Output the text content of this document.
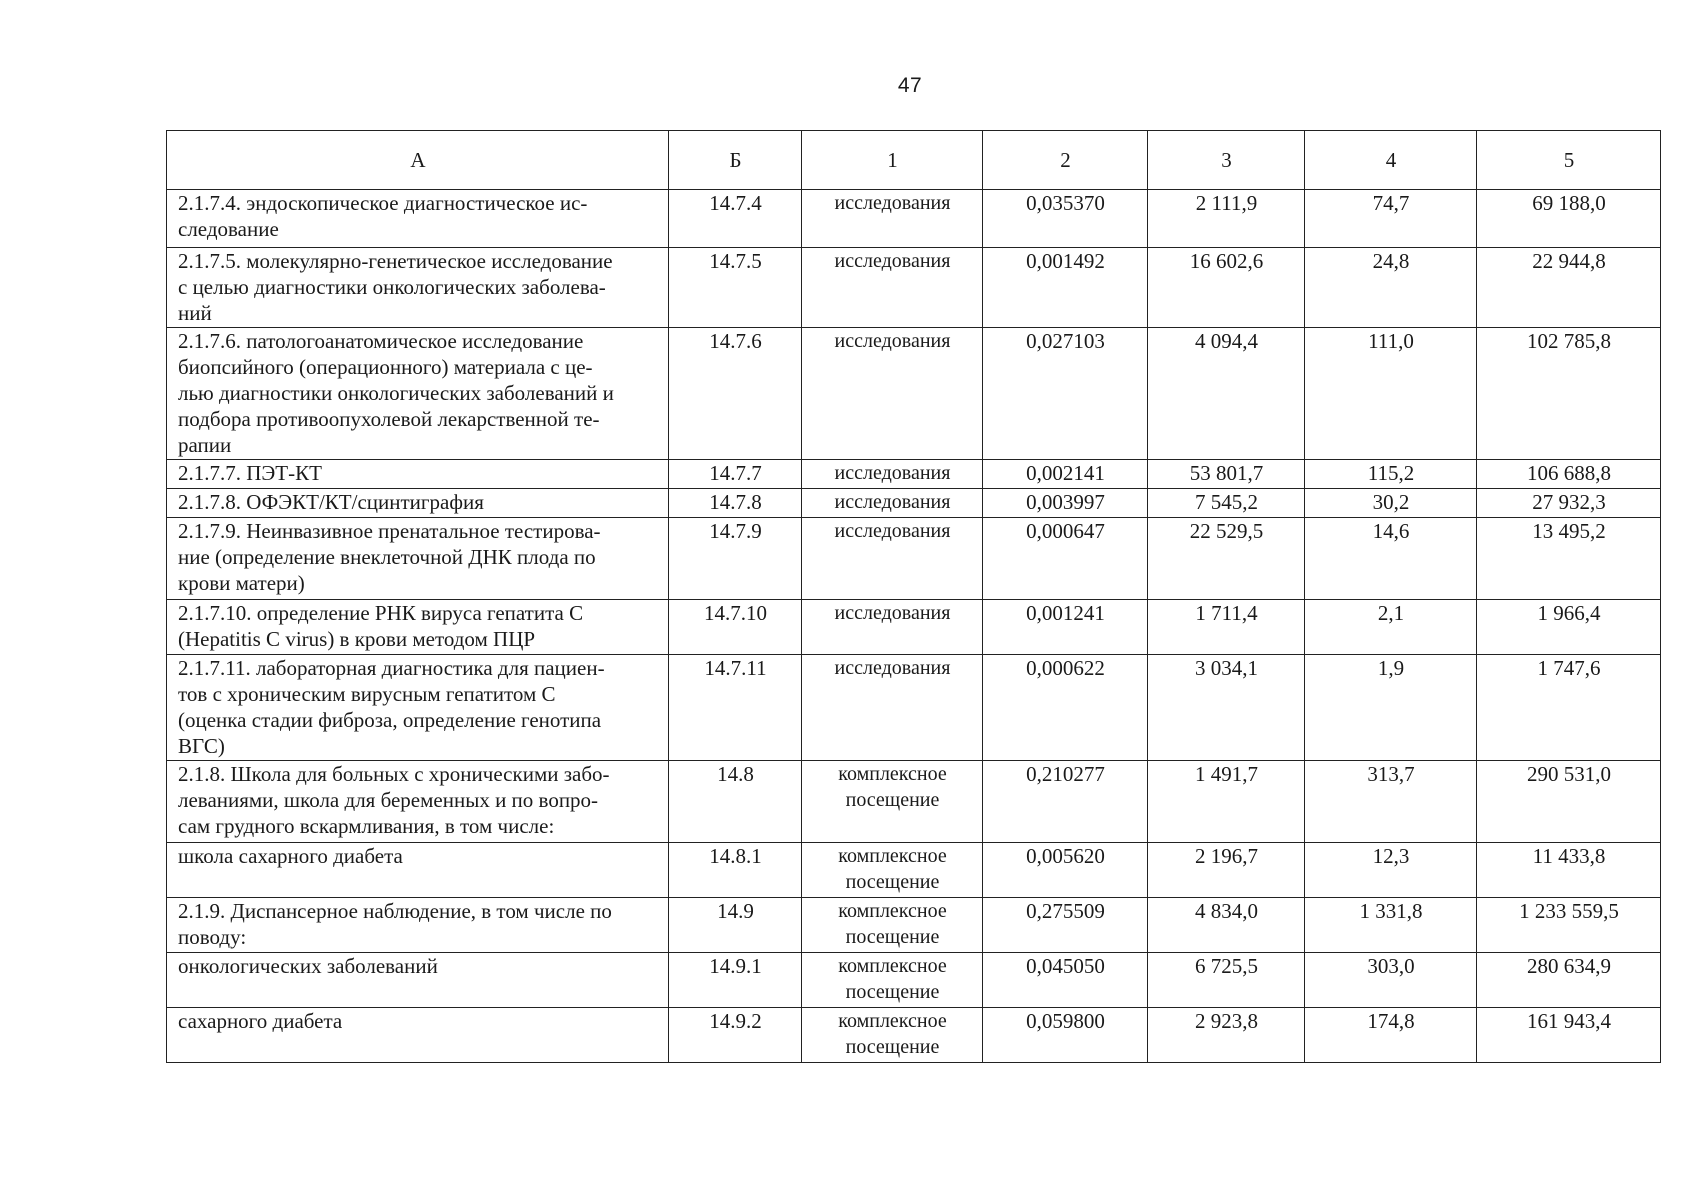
47
А	Б	1	2	3	4	5
2.1.7.4. эндоскопическое диагностическое ис-
следование	14.7.4	исследования	0,035370	2 111,9	74,7	69 188,0
2.1.7.5. молекулярно-генетическое исследование
с целью диагностики онкологических заболева-
ний	14.7.5	исследования	0,001492	16 602,6	24,8	22 944,8
2.1.7.6. патологоанатомическое исследование
биопсийного (операционного) материала с це-
лью диагностики онкологических заболеваний и
подбора противоопухолевой лекарственной те-
рапии	14.7.6	исследования	0,027103	4 094,4	111,0	102 785,8
2.1.7.7. ПЭТ-КТ	14.7.7	исследования	0,002141	53 801,7	115,2	106 688,8
2.1.7.8. ОФЭКТ/КТ/сцинтиграфия	14.7.8	исследования	0,003997	7 545,2	30,2	27 932,3
2.1.7.9. Неинвазивное пренатальное тестирова-
ние (определение внеклеточной ДНК плода по
крови матери)	14.7.9	исследования	0,000647	22 529,5	14,6	13 495,2
2.1.7.10. определение РНК вируса гепатита С
(Hepatitis C virus) в крови методом ПЦР	14.7.10	исследования	0,001241	1 711,4	2,1	1 966,4
2.1.7.11. лабораторная диагностика для пациен-
тов с хроническим вирусным гепатитом С
(оценка стадии фиброза, определение генотипа
ВГС)	14.7.11	исследования	0,000622	3 034,1	1,9	1 747,6
2.1.8. Школа для больных с хроническими забо-
леваниями, школа для беременных и по вопро-
сам грудного вскармливания, в том числе:	14.8	комплексное
посещение	0,210277	1 491,7	313,7	290 531,0
школа сахарного диабета	14.8.1	комплексное
посещение	0,005620	2 196,7	12,3	11 433,8
2.1.9. Диспансерное наблюдение, в том числе по
поводу:	14.9	комплексное
посещение	0,275509	4 834,0	1 331,8	1 233 559,5
онкологических заболеваний	14.9.1	комплексное
посещение	0,045050	6 725,5	303,0	280 634,9
сахарного диабета	14.9.2	комплексное
посещение	0,059800	2 923,8	174,8	161 943,4
